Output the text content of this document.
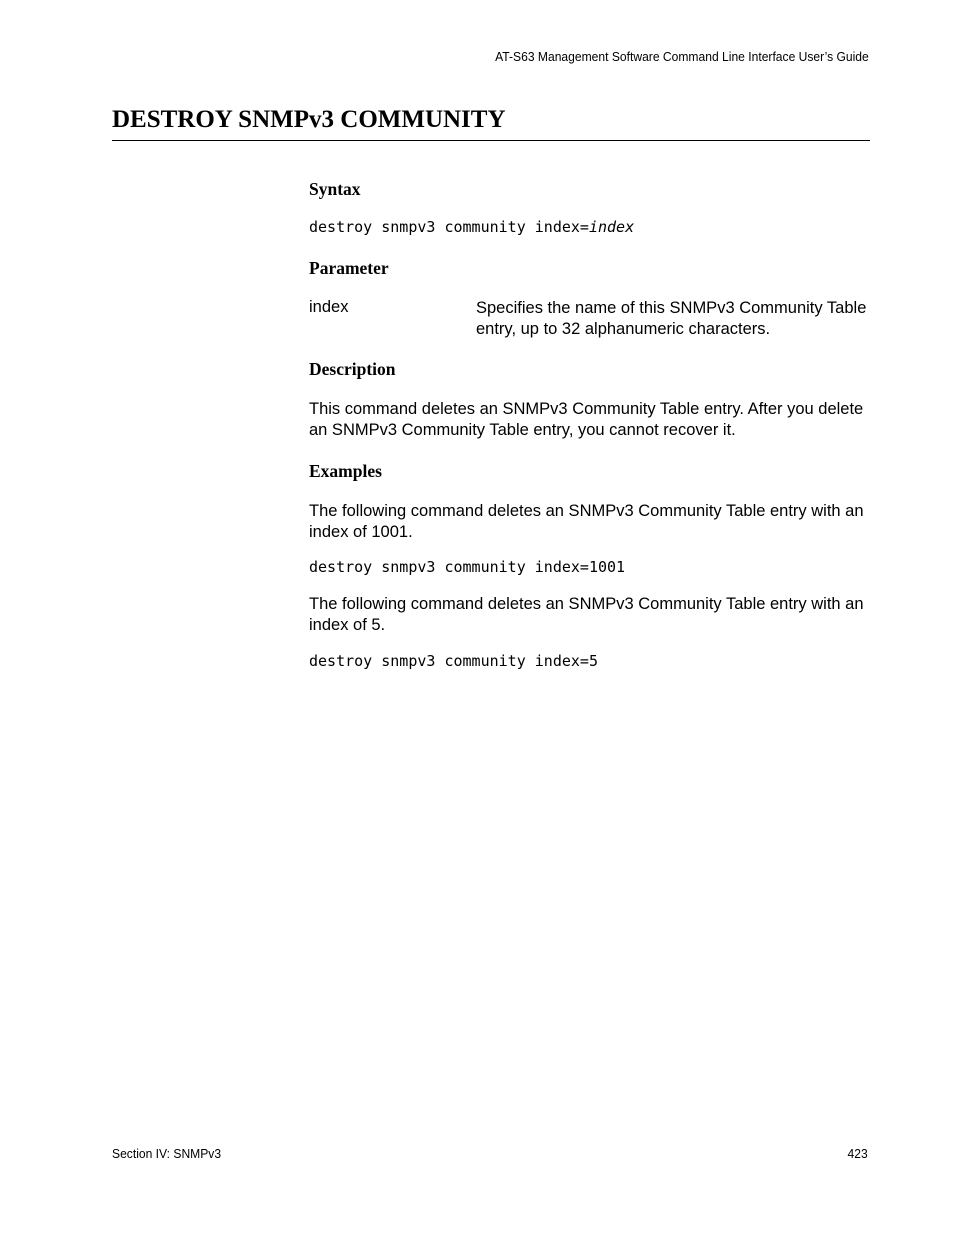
AT-S63 Management Software Command Line Interface User’s Guide
DESTROY SNMPv3 COMMUNITY
Syntax
destroy snmpv3 community index=index
Parameter
index	Specifies the name of this SNMPv3 Community Table entry, up to 32 alphanumeric characters.
Description
This command deletes an SNMPv3 Community Table entry. After you delete an SNMPv3 Community Table entry, you cannot recover it.
Examples
The following command deletes an SNMPv3 Community Table entry with an index of 1001.
destroy snmpv3 community index=1001
The following command deletes an SNMPv3 Community Table entry with an index of 5.
destroy snmpv3 community index=5
Section IV: SNMPv3	423
